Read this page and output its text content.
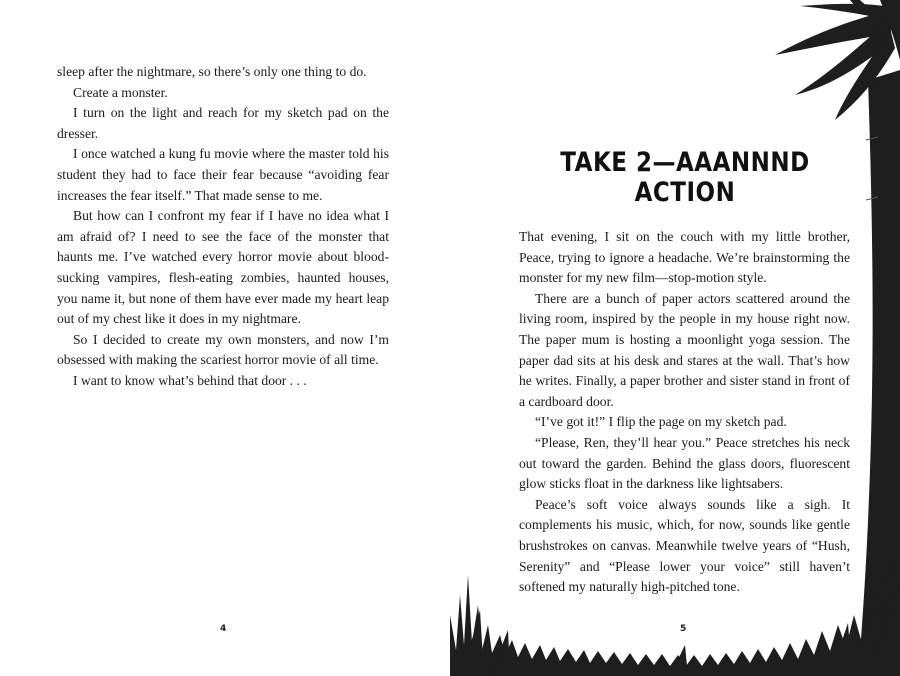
sleep after the nightmare, so there’s only one thing to do.

Create a monster.

I turn on the light and reach for my sketch pad on the dresser.

I once watched a kung fu movie where the master told his student they had to face their fear because “avoiding fear increases the fear itself.” That made sense to me.

But how can I confront my fear if I have no idea what I am afraid of? I need to see the face of the monster that haunts me. I’ve watched every horror movie about blood-sucking vampires, flesh-eating zombies, haunted houses, you name it, but none of them have ever made my heart leap out of my chest like it does in my nightmare.

So I decided to create my own monsters, and now I’m obsessed with making the scariest horror movie of all time.

I want to know what’s behind that door . . .

4
TAKE 2—AAANNND ACTION

That evening, I sit on the couch with my little brother, Peace, trying to ignore a headache. We’re brainstorming the monster for my new film—stop-motion style.

There are a bunch of paper actors scattered around the living room, inspired by the people in my house right now. The paper mum is hosting a moonlight yoga session. The paper dad sits at his desk and stares at the wall. That’s how he writes. Finally, a paper brother and sister stand in front of a cardboard door.

“I’ve got it!” I flip the page on my sketch pad.

“Please, Ren, they’ll hear you.” Peace stretches his neck out toward the garden. Behind the glass doors, fluorescent glow sticks float in the darkness like lightsabers.

Peace’s soft voice always sounds like a sigh. It complements his music, which, for now, sounds like gentle brushstrokes on canvas. Meanwhile twelve years of “Hush, Serenity” and “Please lower your voice” still haven’t softened my naturally high-pitched tone.

5
